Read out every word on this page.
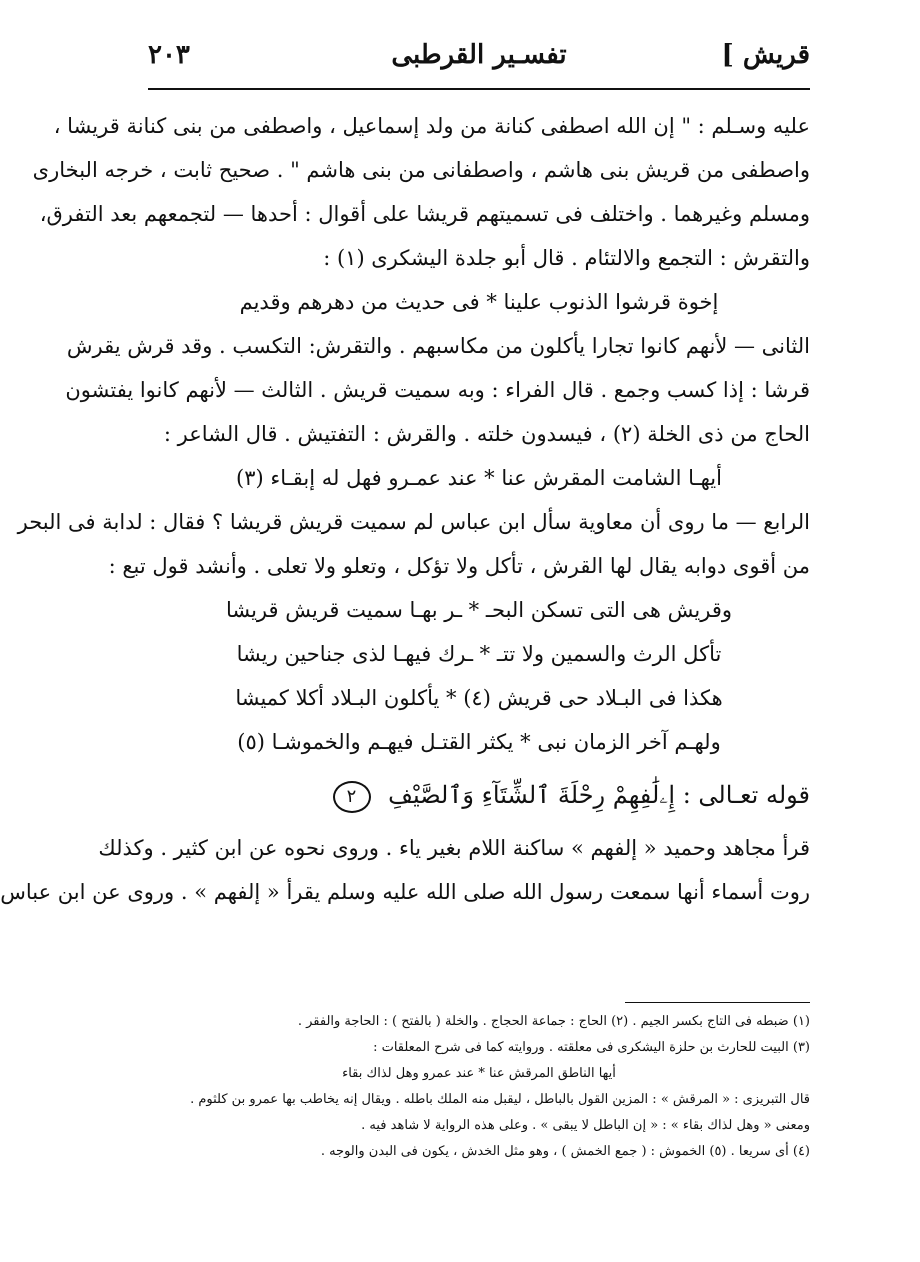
قريش ]
تفسـير القرطبى
٢٠٣
عليه وسـلم : " إن الله اصطفى كنانة من ولد إسماعيل ، واصطفى من بنى كنانة قريشا ،
واصطفى من قريش بنى هاشم ، واصطفانى من بنى هاشم " . صحيح ثابت ، خرجه البخارى
ومسلم وغيرهما . واختلف فى تسميتهم قريشا على أقوال : أحدها — لتجمعهم بعد التفرق،
والتقرش : التجمع والالتئام . قال أبو جلدة اليشكرى (١) :
إخوة قرشوا الذنوب علينا * فى حديث من دهرهم وقديم
الثانى — لأنهم كانوا تجارا يأكلون من مكاسبهم . والتقرش: التكسب . وقد قرش يقرش
قرشا : إذا كسب وجمع . قال الفراء : وبه سميت قريش . الثالث — لأنهم كانوا يفتشون
الحاج من ذى الخلة (٢) ، فيسدون خلته . والقرش : التفتيش . قال الشاعر :
أيهـا الشامت المقرش عنا * عند عمـرو فهل له إبقـاء (٣)
الرابع — ما روى أن معاوية سأل ابن عباس لم سميت قريش قريشا ؟ فقال : لدابة فى البحر
من أقوى دوابه يقال لها القرش ، تأكل ولا تؤكل ، وتعلو ولا تعلى . وأنشد قول تبع :
وقريش هى التى تسكن البحـ * ـر بهـا سميت قريش قريشا
تأكل الرث والسمين ولا تتـ * ـرك فيهـا لذى جناحين ريشا
هكذا فى البـلاد حى قريش (٤) * يأكلون البـلاد أكلا كميشا
ولهـم آخر الزمان نبى * يكثر القتـل فيهـم والخموشـا (٥)
قوله تعـالى : إِۦلَٰفِهِمْ رِحْلَةَ ٱلشِّتَآءِ وَٱلصَّيْفِ ٢
قرأ مجاهد وحميد « إلفهم » ساكنة اللام بغير ياء . وروى نحوه عن ابن كثير . وكذلك
روت أسماء أنها سمعت رسول الله صلى الله عليه وسلم يقرأ « إلفهم » . وروى عن ابن عباس
(١) ضبطه فى التاج بكسر الجيم . (٢) الحاج : جماعة الحجاج . والخلة ( بالفتح ) : الحاجة والفقر .
(٣) البيت للحارث بن حلزة اليشكرى فى معلقته . وروايته كما فى شرح المعلقات :
أيها الناطق المرقش عنا * عند عمرو وهل لذاك بقاء
قال التبريزى : « المرقش » : المزين القول بالباطل ، ليقبل منه الملك باطله . ويقال إنه يخاطب بها عمرو بن كلثوم .
ومعنى « وهل لذاك بقاء » : « إن الباطل لا يبقى » . وعلى هذه الرواية لا شاهد فيه .
(٤) أى سريعا . (٥) الخموش : ( جمع الخمش ) ، وهو مثل الخدش ، يكون فى البدن والوجه .
